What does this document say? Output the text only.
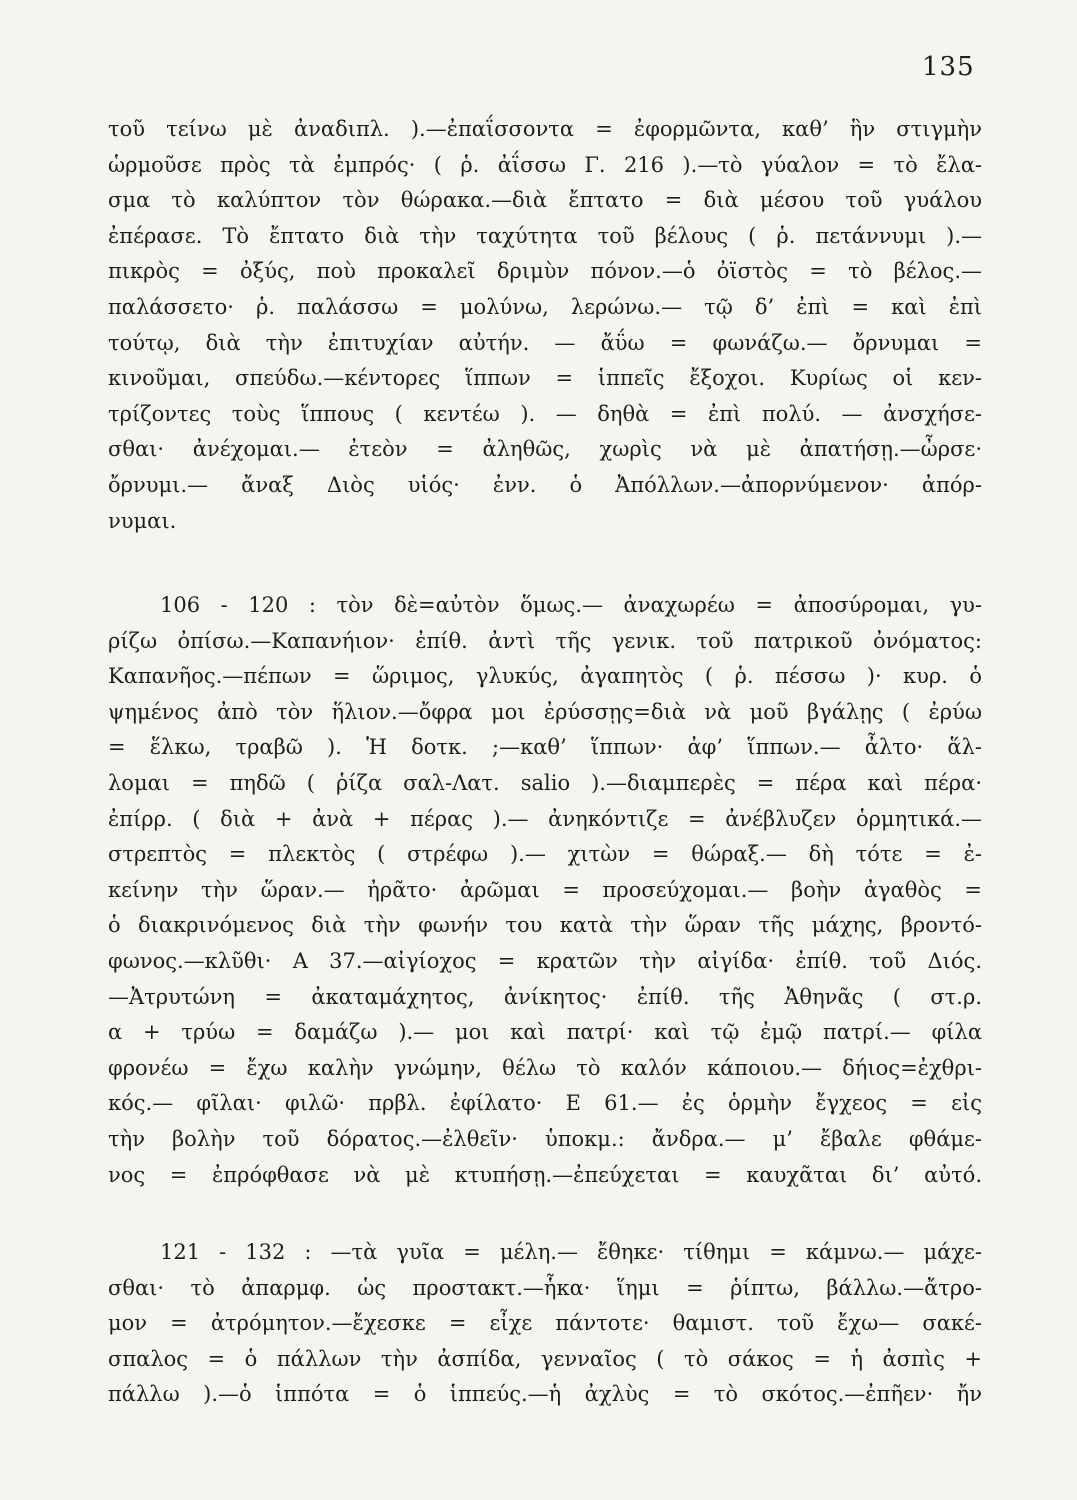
135
τοῦ τείνω μὲ ἀναδιπλ. ).—ἐπαΐσσοντα = ἐφορμῶντα, καθ’ ἣν στιγμὴν
ὡρμοῦσε πρὸς τὰ ἐμπρός· ( ῥ. ἀΐσσω Γ. 216 ).—τὸ γύαλον = τὸ ἔλα-
σμα τὸ καλύπτον τὸν θώρακα.—διὰ ἔπτατο = διὰ μέσου τοῦ γυάλου
ἐπέρασε. Τὸ ἔπτατο διὰ τὴν ταχύτητα τοῦ βέλους ( ῥ. πετάννυμι ).—
πικρὸς = ὀξύς, ποὺ προκαλεῖ δριμὺν πόνον.—ὁ ὀϊστὸς = τὸ βέλος.—
παλάσσετο· ῥ. παλάσσω = μολύνω, λερώνω.— τῷ δ’ ἐπὶ = καὶ ἐπὶ
τούτῳ, διὰ τὴν ἐπιτυχίαν αὐτήν. — ἄΰω = φωνάζω.— ὄρνυμαι =
κινοῦμαι, σπεύδω.—κέντορες ἵππων = ἱππεῖς ἔξοχοι. Κυρίως οἱ κεν-
τρίζοντες τοὺς ἵππους ( κεντέω ). — δηθὰ = ἐπὶ πολύ. — ἀνσχήσε-
σθαι· ἀνέχομαι.— ἐτεὸν = ἀληθῶς, χωρὶς νὰ μὲ ἀπατήσῃ.—ὦρσε·
ὄρνυμι.— ἄναξ Διὸς υἱός· ἐνν. ὁ Ἀπόλλων.—ἀπορνύμενον· ἀπόρ-
νυμαι.
106 - 120 : τὸν δὲ=αὐτὸν ὅμως.— ἀναχωρέω = ἀποσύρομαι, γυ-
ρίζω ὀπίσω.—Καπανήιον· ἐπίθ. ἀντὶ τῆς γενικ. τοῦ πατρικοῦ ὀνόματος:
Καπανῆος.—πέπων = ὥριμος, γλυκύς, ἀγαπητὸς ( ῥ. πέσσω )· κυρ. ὁ
ψημένος ἀπὸ τὸν ἥλιον.—ὄφρα μοι ἐρύσσῃς=διὰ νὰ μοῦ βγάλῃς ( ἐρύω
= ἕλκω, τραβῶ ). Ἡ δοτκ. ;—καθ’ ἵππων· ἀφ’ ἵππων.— ἆλτο· ἅλ-
λομαι = πηδῶ ( ῥίζα σαλ-Λατ. salio ).—διαμπερὲς = πέρα καὶ πέρα·
ἐπίρρ. ( διὰ + ἀνὰ + πέρας ).— ἀνηκόντιζε = ἀνέβλυζεν ὁρμητικά.—
στρεπτὸς = πλεκτὸς ( στρέφω ).— χιτὼν = θώραξ.— δὴ τότε = ἐ-
κείνην τὴν ὥραν.— ἠρᾶτο· ἀρῶμαι = προσεύχομαι.— βοὴν ἀγαθὸς =
ὁ διακρινόμενος διὰ τὴν φωνήν του κατὰ τὴν ὥραν τῆς μάχης, βροντό-
φωνος.—κλῦθι· Α 37.—αἰγίοχος = κρατῶν τὴν αἰγίδα· ἐπίθ. τοῦ Διός.
—Ἀτρυτώνη = ἀκαταμάχητος, ἀνίκητος· ἐπίθ. τῆς Ἀθηνᾶς ( στ.ρ.
α + τρύω = δαμάζω ).— μοι καὶ πατρί· καὶ τῷ ἐμῷ πατρί.— φίλα
φρονέω = ἔχω καλὴν γνώμην, θέλω τὸ καλόν κάποιου.— δήιος=ἐχθρι-
κός.— φῖλαι· φιλῶ· πρβλ. ἐφίλατο· Ε 61.— ἐς ὁρμὴν ἔγχεος = εἰς
τὴν βολὴν τοῦ δόρατος.—ἐλθεῖν· ὑποκμ.: ἄνδρα.— μ’ ἔβαλε φθάμε-
νος = ἐπρόφθασε νὰ μὲ κτυπήσῃ.—ἐπεύχεται = καυχᾶται δι’ αὐτό.
121 - 132 : —τὰ γυῖα = μέλη.— ἔθηκε· τίθημι = κάμνω.— μάχε-
σθαι· τὸ ἀπαρμφ. ὡς προστακτ.—ἧκα· ἵημι = ῥίπτω, βάλλω.—ἄτρο-
μον = ἀτρόμητον.—ἔχεσκε = εἶχε πάντοτε· θαμιστ. τοῦ ἔχω— σακέ-
σπαλος = ὁ πάλλων τὴν ἀσπίδα, γενναῖος ( τὸ σάκος = ἡ ἀσπὶς +
πάλλω ).—ὁ ἱππότα = ὁ ἱππεύς.—ἡ ἀχλὺς = τὸ σκότος.—ἐπῆεν· ἤν
